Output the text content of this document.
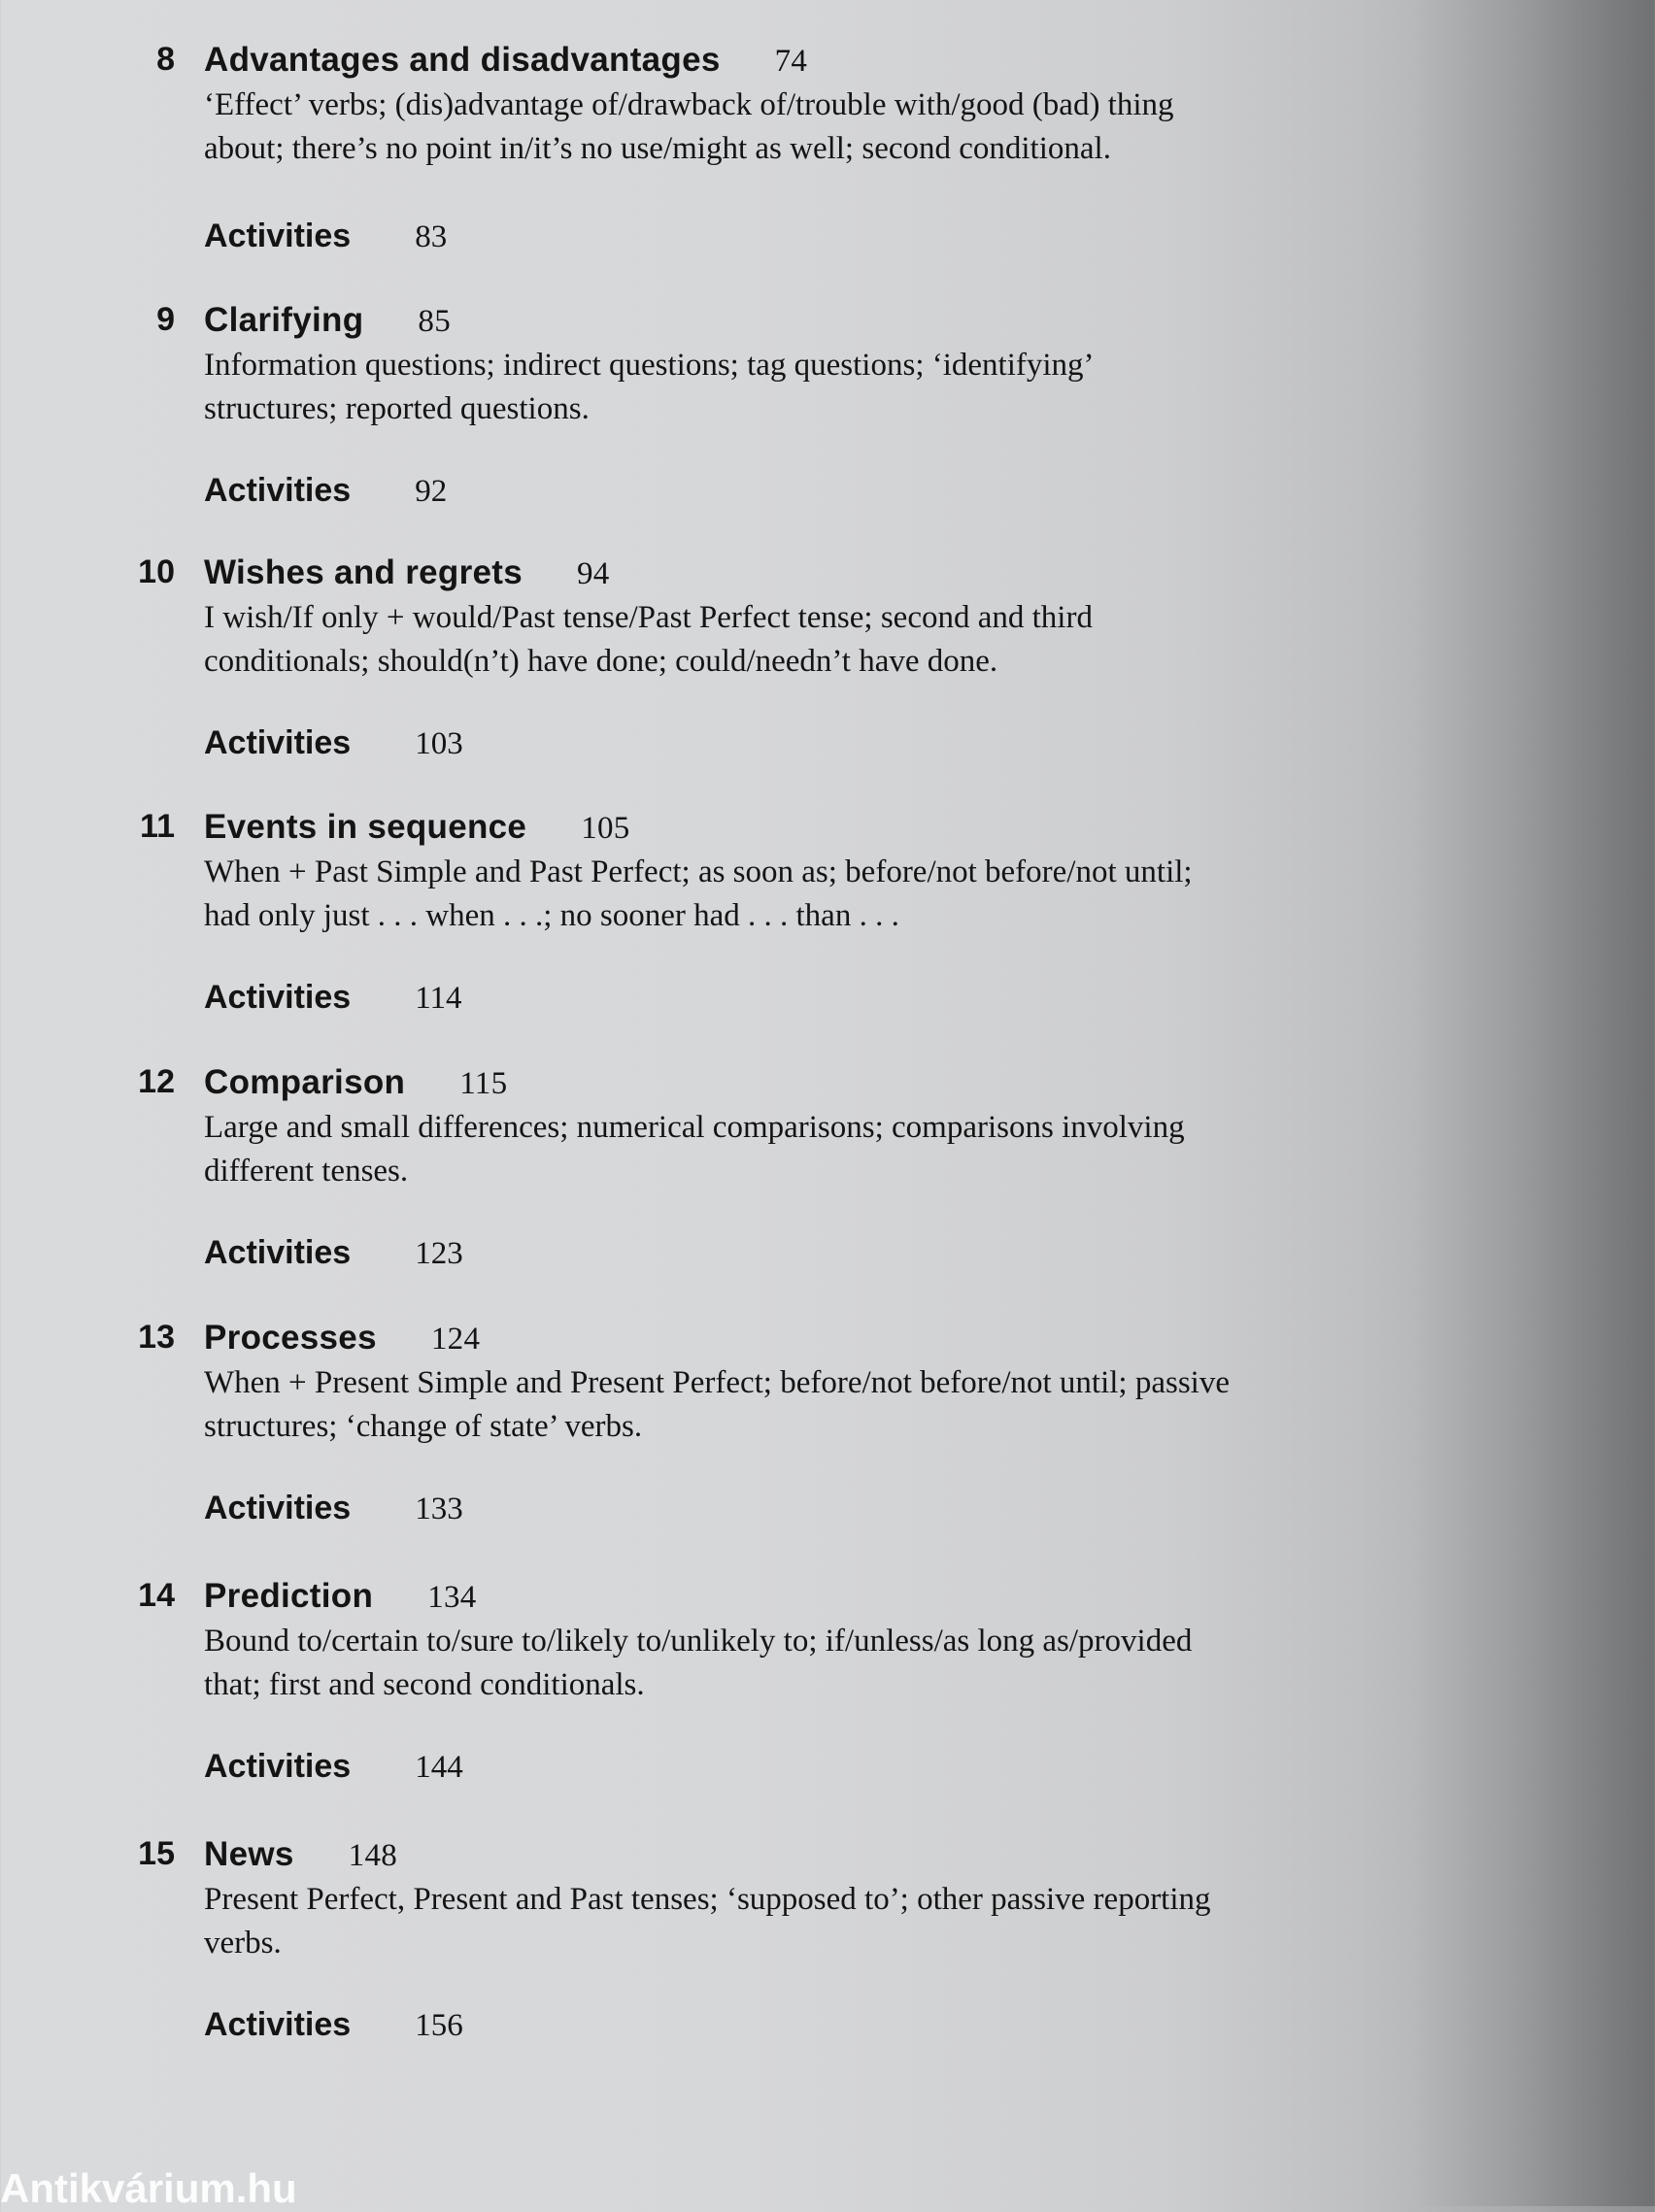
8 Advantages and disadvantages 74
‘Effect’ verbs; (dis)advantage of/drawback of/trouble with/good (bad) thing
about; there’s no point in/it’s no use/might as well; second conditional.
Activities 83
9 Clarifying 85
Information questions; indirect questions; tag questions; ‘identifying’
structures; reported questions.
Activities 92
10 Wishes and regrets 94
I wish/If only + would/Past tense/Past Perfect tense; second and third
conditionals; should(n’t) have done; could/needn’t have done.
Activities 103
11 Events in sequence 105
When + Past Simple and Past Perfect; as soon as; before/not before/not until;
had only just . . . when . . .; no sooner had . . . than . . .
Activities 114
12 Comparison 115
Large and small differences; numerical comparisons; comparisons involving
different tenses.
Activities 123
13 Processes 124
When + Present Simple and Present Perfect; before/not before/not until; passive
structures; ‘change of state’ verbs.
Activities 133
14 Prediction 134
Bound to/certain to/sure to/likely to/unlikely to; if/unless/as long as/provided
that; first and second conditionals.
Activities 144
15 News 148
Present Perfect, Present and Past tenses; ‘supposed to’; other passive reporting
verbs.
Activities 156
Antikvárium.hu
